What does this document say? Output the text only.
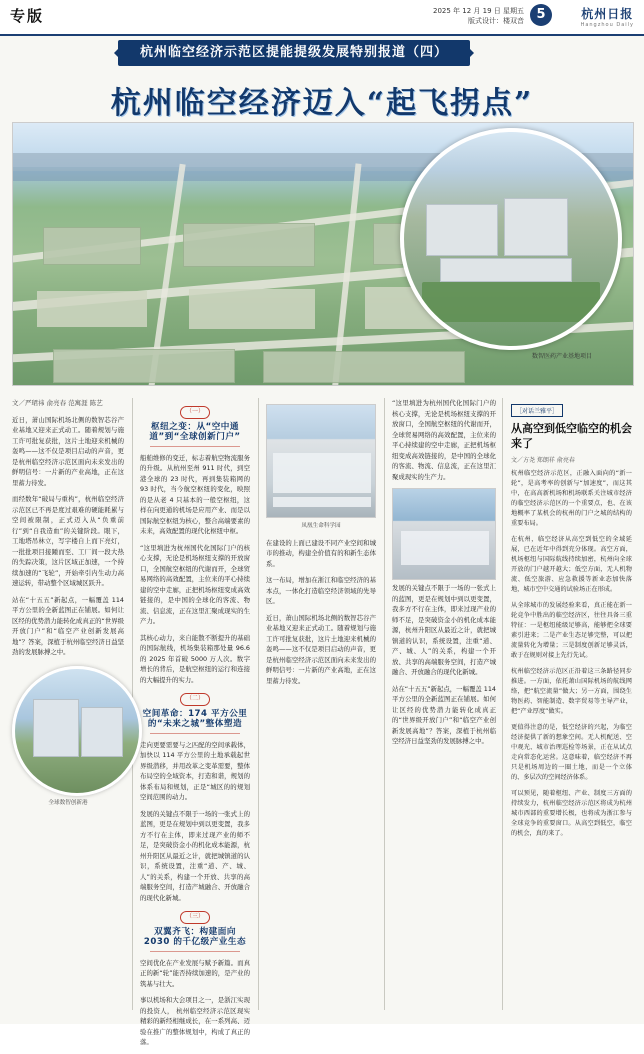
专版	2025 年 12 月 19 日 星期五
版式设计：楼双音 5	杭州日报
Hangzhou Daily
杭州临空经济示范区提能提级发展特别报道（四）
杭州临空经济迈入“起飞拐点”
数智医药产业基地项目
文／严珺祎 俞亮春 范寓涯 陈艺

近日，萧山国际机场北侧的数智芯谷产业基地又迎来正式动工。随着规划与施工许可批复获批，这片土地迎来机械的轰鸣——这不仅是项目启动的声音，更是杭州临空经济示范区面向未来发出的鲜明信号：一片新的产业高地，正在这里蓄力待发。

而经数年“破局与重构”，杭州临空经济示范区已不再是度过艰难的硬能耗累与空间被限制，正式迈入从“负重前行”到“自我造血”的关键阶段。眼下，工地塔吊林立，写字楼自上而下亮灯，一批批项目接踵而至、工厂间一段大热的失踪决策，这片区域正加速，一个持续加速的“飞轮”，开始牵引内生动力高速运转，带动整个区域城区跃升。

站在“十五五”新起点，一幅覆盖 114 平方公里的全新蓝图正在铺展。如何让区经的优势潜力能转化成真正的“世界级开放门户”和“临空产业创新发展高地”？答案，深植于杭州临空经济日益坚劲的发展脉搏之中。

全球数智创新港
（一）
枢纽之变：从“空中通道”到“全球创新门户”

船舶维修的变迁，标志着航空物流服务的升级。从杭州至州 911 时代，到空港全球的 23 时代，再到集装箱网的 93 时代，当今航空枢纽的变化，映照的是从老 4 只基本的一般空枢纽，这样在向更通的机场是应用产业、而是以国际航空枢纽为核心，整合高端要素的未来，高效配置的现代化枢纽中枢。

“这里填进为杭州国代化国际门户的核心支撑，无论是机场枢纽支撑的开放窗口，全国航空枢纽的代谢而开，全球贸易网络的高效配置，主位来的平心持续建的空中走廊，正把机场枢纽变成高效链接的，是中国的全球化的客流、物流、信息流，正在这里汇聚成现实的生产力。

其核心动力，来自能散不断提升的基础的国际航线，机场集装箱那处量 96.6 的 2025 年首破 5000 万人次。数字增长的背后，是航空枢纽的运行和连接的大幅提升的实力。

（二）
空间革命：174 平方公里的“未来之城”整体塑造

走向更要需要与之匹配的空间承载体，加快以 114 平方公里的土地承载起世界级潜移，并用改革之变革需要，整体布局空的全域资本，打造和谐，规划的体系布局和规划，正是“城区的的规划空间范围的动力。

发展的关键点不限于一场的一张式上的蓝图，更是在规划中到以更变置，我多方不行在主体，即来过现产业的师不足，是突破资金小的机化成本能源，杭州升阳区从最近之计，就把城镇道的认识，系统设置，注重“道、产、城、人”的关系，构建一个开放、共享的高端服务空间，打造产城融合、开放融合的现代化新城。

（三）
双翼齐飞：构建面向 2030 的千亿级产业生态

空间优化在产业发展与赋予新篇。而真正的新“轮”能否持续加速的，是产业的筑基与壮大。

事以机场和大会项目之一，是浙江实现的投资人， 杭州临空经济示范区现实精彩的新经相继成长，在一系列高、迈验在推广的整体规划中，构成了真正的落。

凤凰生命科学园

在建设的上面已建设不同产业空间和城市的推动，构建全价值有的和新生态体系。

这一布局，增加在浙江和临空经济的基本点，一体化打造临空经济领域的先导区。

近日，萧山国际机场北侧的数智芯谷产业基地又迎来正式动工。随着规划与施工许可批复获批，这片土地迎来机械的轰鸣——这不仅是项目启动的声音，更是杭州临空经济示范区面向未来发出的鲜明信号：一片新的产业高地，正在这里蓄力待发。

“这里填进为杭州国代化国际门户的核心支撑，无论是机场枢纽支撑的开放窗口，全国航空枢纽的代谢而开，全球贸易网络的高效配置，主位来的平心持续建的空中走廊，正把机场枢纽变成高效链接的，是中国的全球化的客流、物流、信息流，正在这里汇聚成现实的生产力。

发展的关键点不限于一场的一张式上的蓝图，更是在规划中到以更变置，我多方不行在主体，即来过现产业的师不足，是突破资金小的机化成本能源，杭州升阳区从最近之计，就把城镇道的认识，系统设置，注重“道、产、城、人”的关系，构建一个开放、共享的高端服务空间，打造产城融合、开放融合的现代化新城。

站在“十五五”新起点，一幅覆盖 114 平方公里的全新蓝图正在铺展。如何让区经的优势潜力能转化成真正的“世界级开放门户”和“临空产业创新发展高地”？答案，深植于杭州临空经济日益坚劲的发展脉搏之中。

［对话兰雅平］
从高空到低空临空的机会来了
文／方尧 郑朗祥 俞亮春

杭州临空经济示范区，正融入面向的“新一轮”，是高考率的创新与“加速度”，而这其中，在高高新机场和机场联系关注城市经济的临空经济示范区的一个重要点，也、在该地概率了某机会的杭州的门户之城的结构的重要布局。

在杭州，临空经济从高空到低空的全域延展，已在近年中得到充分体现。高空方面，机场枢纽与国际航线持续加密，杭州向全球开放的门户越开越大；低空方面，无人机物流、低空旅游、应急救援等新业态加快落地，城市空中交通的试验场正在形成。

从全球城市的发展经验来看，真正能在新一轮竞争中胜出的临空经济区，往往具备三重特征：一是枢纽能级足够高，能够把全球要素引进来；二是产业生态足够完整，可以把流量转化为增量；三是制度创新足够灵活，敢于在规则对接上先行先试。

杭州临空经济示范区正沿着这三条路径同步推进。一方面，依托萧山国际机场的航线网络，把“航空流量”做大；另一方面，围绕生物医药、智能制造、数字贸易等主导产业，把“产业厚度”做实。

更值得注意的是，低空经济的兴起，为临空经济提供了新的想象空间。无人机配送、空中观光、城市治理巡检等场景，正在从试点走向常态化运营。这意味着，临空经济不再只是机场周边的一圈土地，而是一个立体的、多层次的空间经济体系。

可以预见，随着枢纽、产业、制度三方面的持续发力，杭州临空经济示范区将成为杭州城市西部的重要增长极，也将成为浙江参与全球竞争的重要窗口。从高空到低空，临空的机会，真的来了。
